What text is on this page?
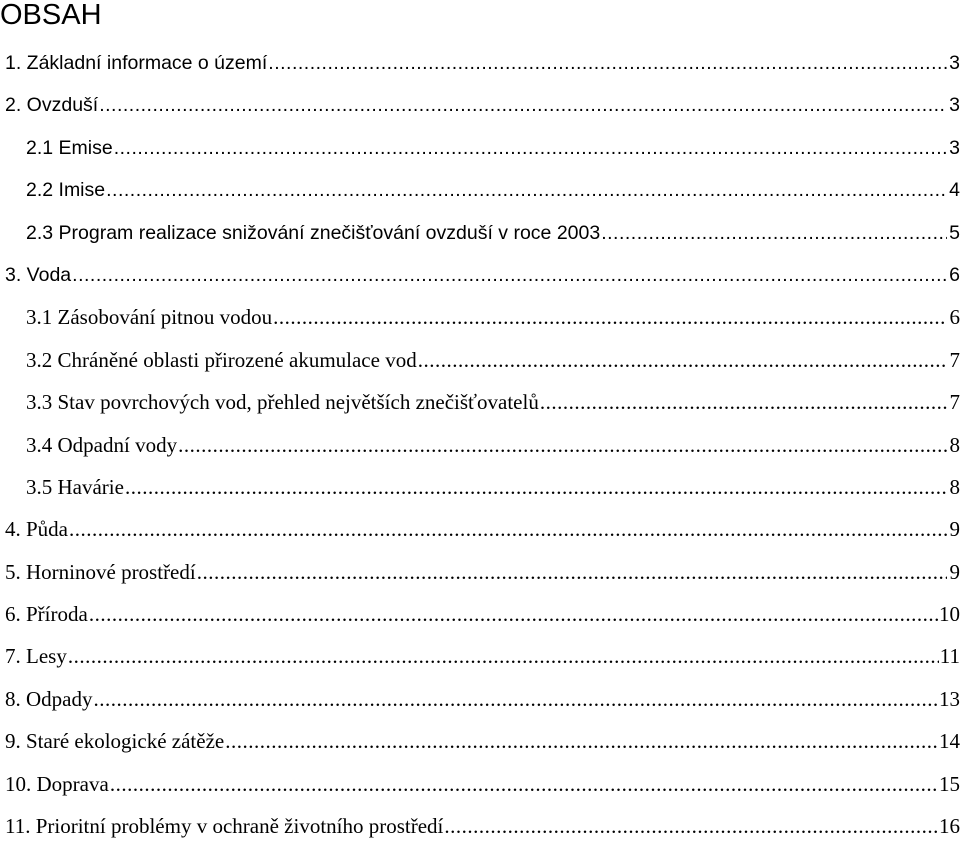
OBSAH
1. Základní informace o území .....	3
2. Ovzduší .....	3
2.1 Emise .....	3
2.2 Imise .....	4
2.3 Program realizace snižování znečišťování ovzduší v roce 2003 .....	5
3. Voda .....	6
3.1 Zásobování pitnou vodou .....	6
3.2 Chráněné oblasti přirozené akumulace vod .....	7
3.3 Stav povrchových vod, přehled největších znečišťovatelů .....	7
3.4 Odpadní vody .....	8
3.5 Havárie .....	8
4. Půda .....	9
5. Horninové prostředí .....	9
6. Příroda .....	10
7. Lesy .....	11
8. Odpady .....	13
9. Staré ekologické zátěže .....	14
10. Doprava .....	15
11. Prioritní problémy v ochraně životního prostředí .....	16
